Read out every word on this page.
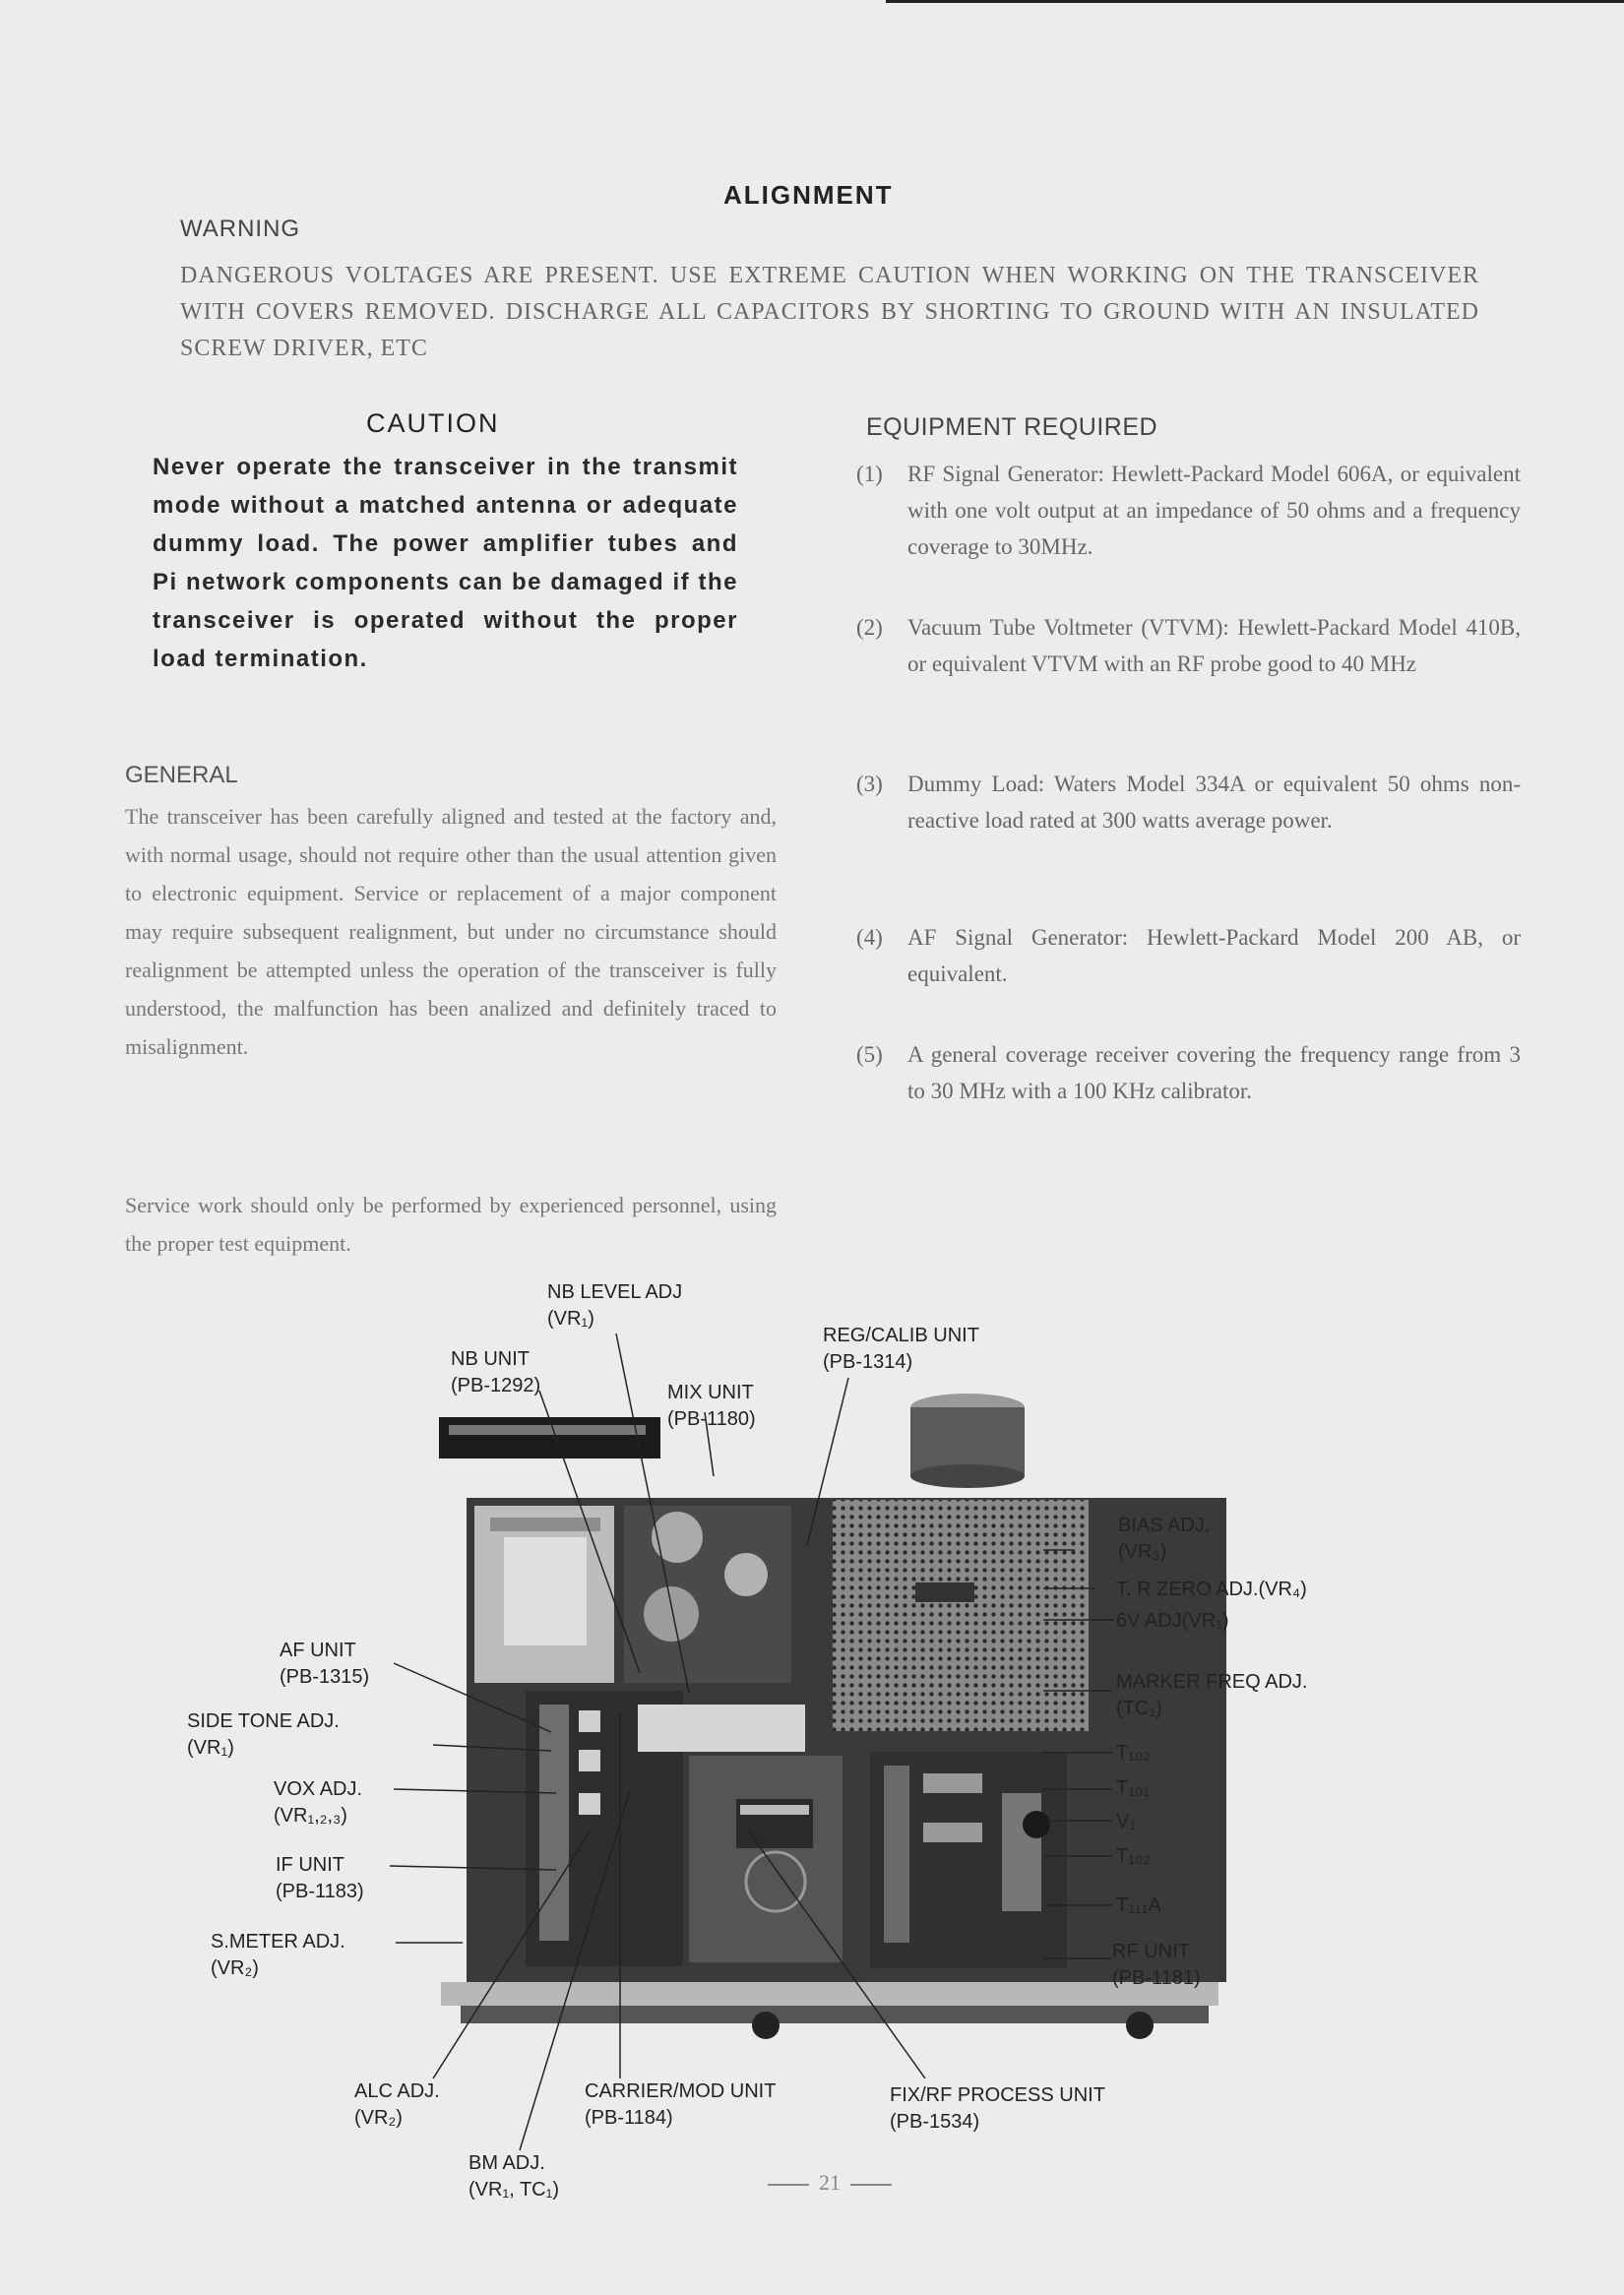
ALIGNMENT
WARNING
DANGEROUS VOLTAGES ARE PRESENT. USE EXTREME CAUTION WHEN WORKING ON THE TRANSCEIVER WITH COVERS REMOVED. DISCHARGE ALL CAPACITORS BY SHORTING TO GROUND WITH AN INSULATED SCREW DRIVER, ETC
CAUTION
Never operate the transceiver in the transmit mode without a matched antenna or adequate dummy load. The power amplifier tubes and Pi network components can be damaged if the transceiver is operated without the proper load termination.
GENERAL
The transceiver has been carefully aligned and tested at the factory and, with normal usage, should not require other than the usual attention given to electronic equipment. Service or replacement of a major component may require subsequent realignment, but under no circumstance should realignment be attempted unless the operation of the transceiver is fully understood, the malfunction has been analized and definitely traced to misalignment.
Service work should only be performed by experienced personnel, using the proper test equipment.
EQUIPMENT REQUIRED
(1) RF Signal Generator: Hewlett-Packard Model 606A, or equivalent with one volt output at an impedance of 50 ohms and a frequency coverage to 30MHz.
(2) Vacuum Tube Voltmeter (VTVM): Hewlett-Packard Model 410B, or equivalent VTVM with an RF probe good to 40 MHz
(3) Dummy Load: Waters Model 334A or equivalent 50 ohms non-reactive load rated at 300 watts average power.
(4) AF Signal Generator: Hewlett-Packard Model 200 AB, or equivalent.
(5) A general coverage receiver covering the frequency range from 3 to 30 MHz with a 100 KHz calibrator.
NB LEVEL ADJ
(VR₁)
NB UNIT
(PB-1292)	MIX UNIT
(PB-1180)
REG/CALIB UNIT
(PB-1314)
BIAS ADJ.
(VR₃)
T. R ZERO ADJ.(VR₄)
6V ADJ(VR₁)
MARKER FREQ ADJ.
(TC₁)
T₁₀₂
T₁₀₁
V₁
T₁₀₂
T₁₁₁A
RF UNIT
(PB-1181)
AF UNIT
(PB-1315)
SIDE TONE ADJ.
(VR₁)
VOX ADJ.
(VR₁,₂,₃)
IF UNIT
(PB-1183)
S.METER ADJ.
(VR₂)
ALC ADJ.
(VR₂)
CARRIER/MOD UNIT
(PB-1184)
FIX/RF PROCESS UNIT
(PB-1534)
BM ADJ.
(VR₁, TC₁)	21
